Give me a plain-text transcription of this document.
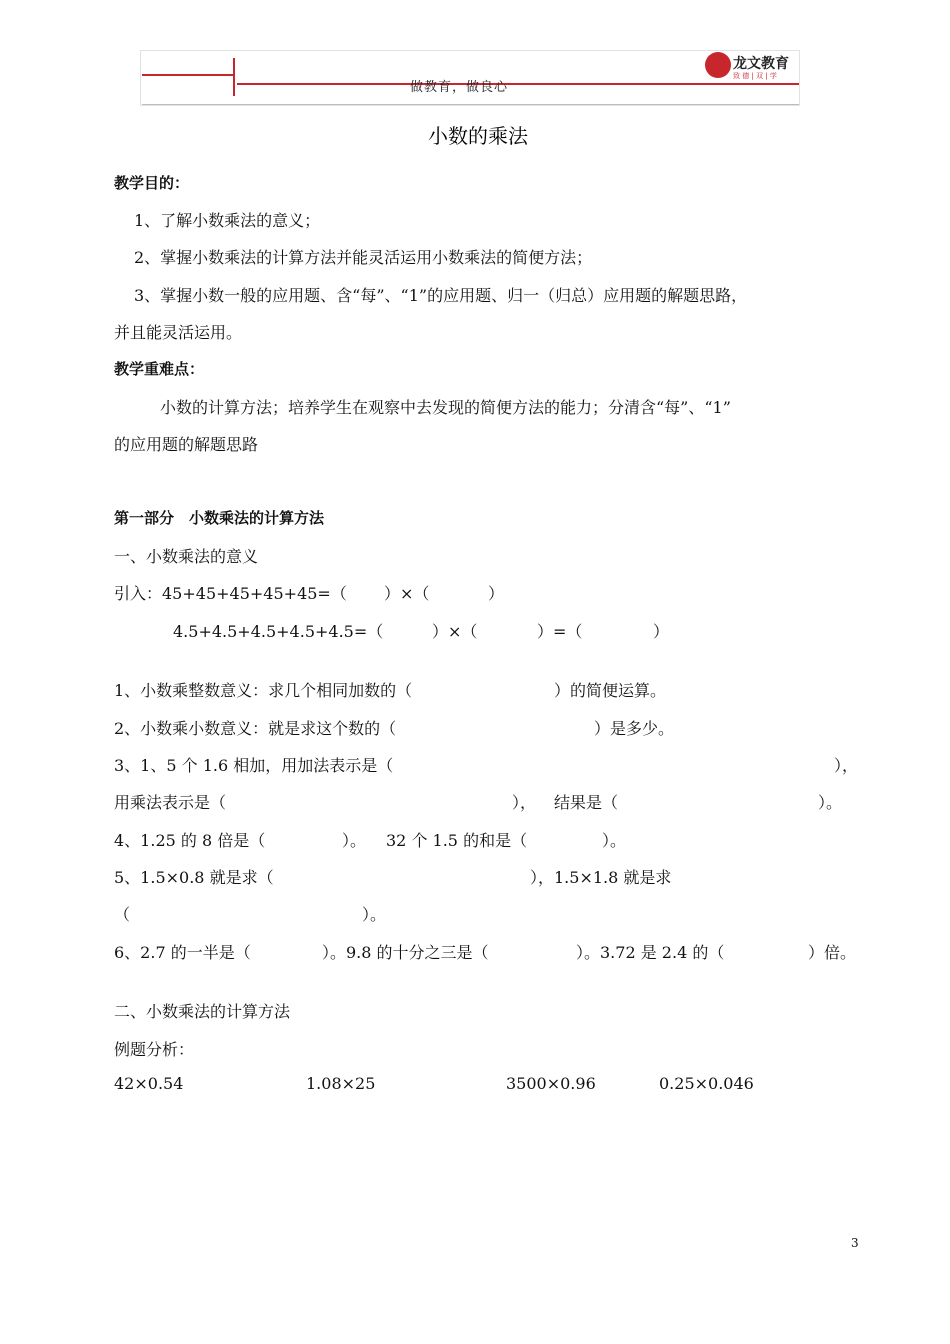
做教育，做良心
龙文教育
致 德 | 双 | 学
小数的乘法
教学目的：
1、了解小数乘法的意义；
2、掌握小数乘法的计算方法并能灵活运用小数乘法的简便方法；
3、掌握小数一般的应用题、含“每”、“1”的应用题、归一（归总）应用题的解题思路，
并且能灵活运用。
教学重难点：
小数的计算方法；培养学生在观察中去发现的简便方法的能力；分清含“每”、“1”
的应用题的解题思路
第一部分　小数乘法的计算方法
一、小数乘法的意义
引入：45+45+45+45+45=（ ）×（	）
4.5+4.5+4.5+4.5+4.5=（	）×（	）=（	）
1、小数乘整数意义：求几个相同加数的（	）的简便运算。
2、小数乘小数意义：就是求这个数的（	）是多少。
3、1、5 个 1.6 相加，用加法表示是（	），
用乘法表示是（	）， 结果是（	）。
4、1.25 的 8 倍是（	）。 32 个 1.5 的和是（	）。
5、1.5×0.8 就是求（	），1.5×1.8 就是求
（	）。
6、2.7 的一半是（	）。9.8 的十分之三是（	）。3.72 是 2.4 的（	）倍。
二、小数乘法的计算方法
例题分析：
42×0.54	1.08×25	3500×0.96	0.25×0.046
3
